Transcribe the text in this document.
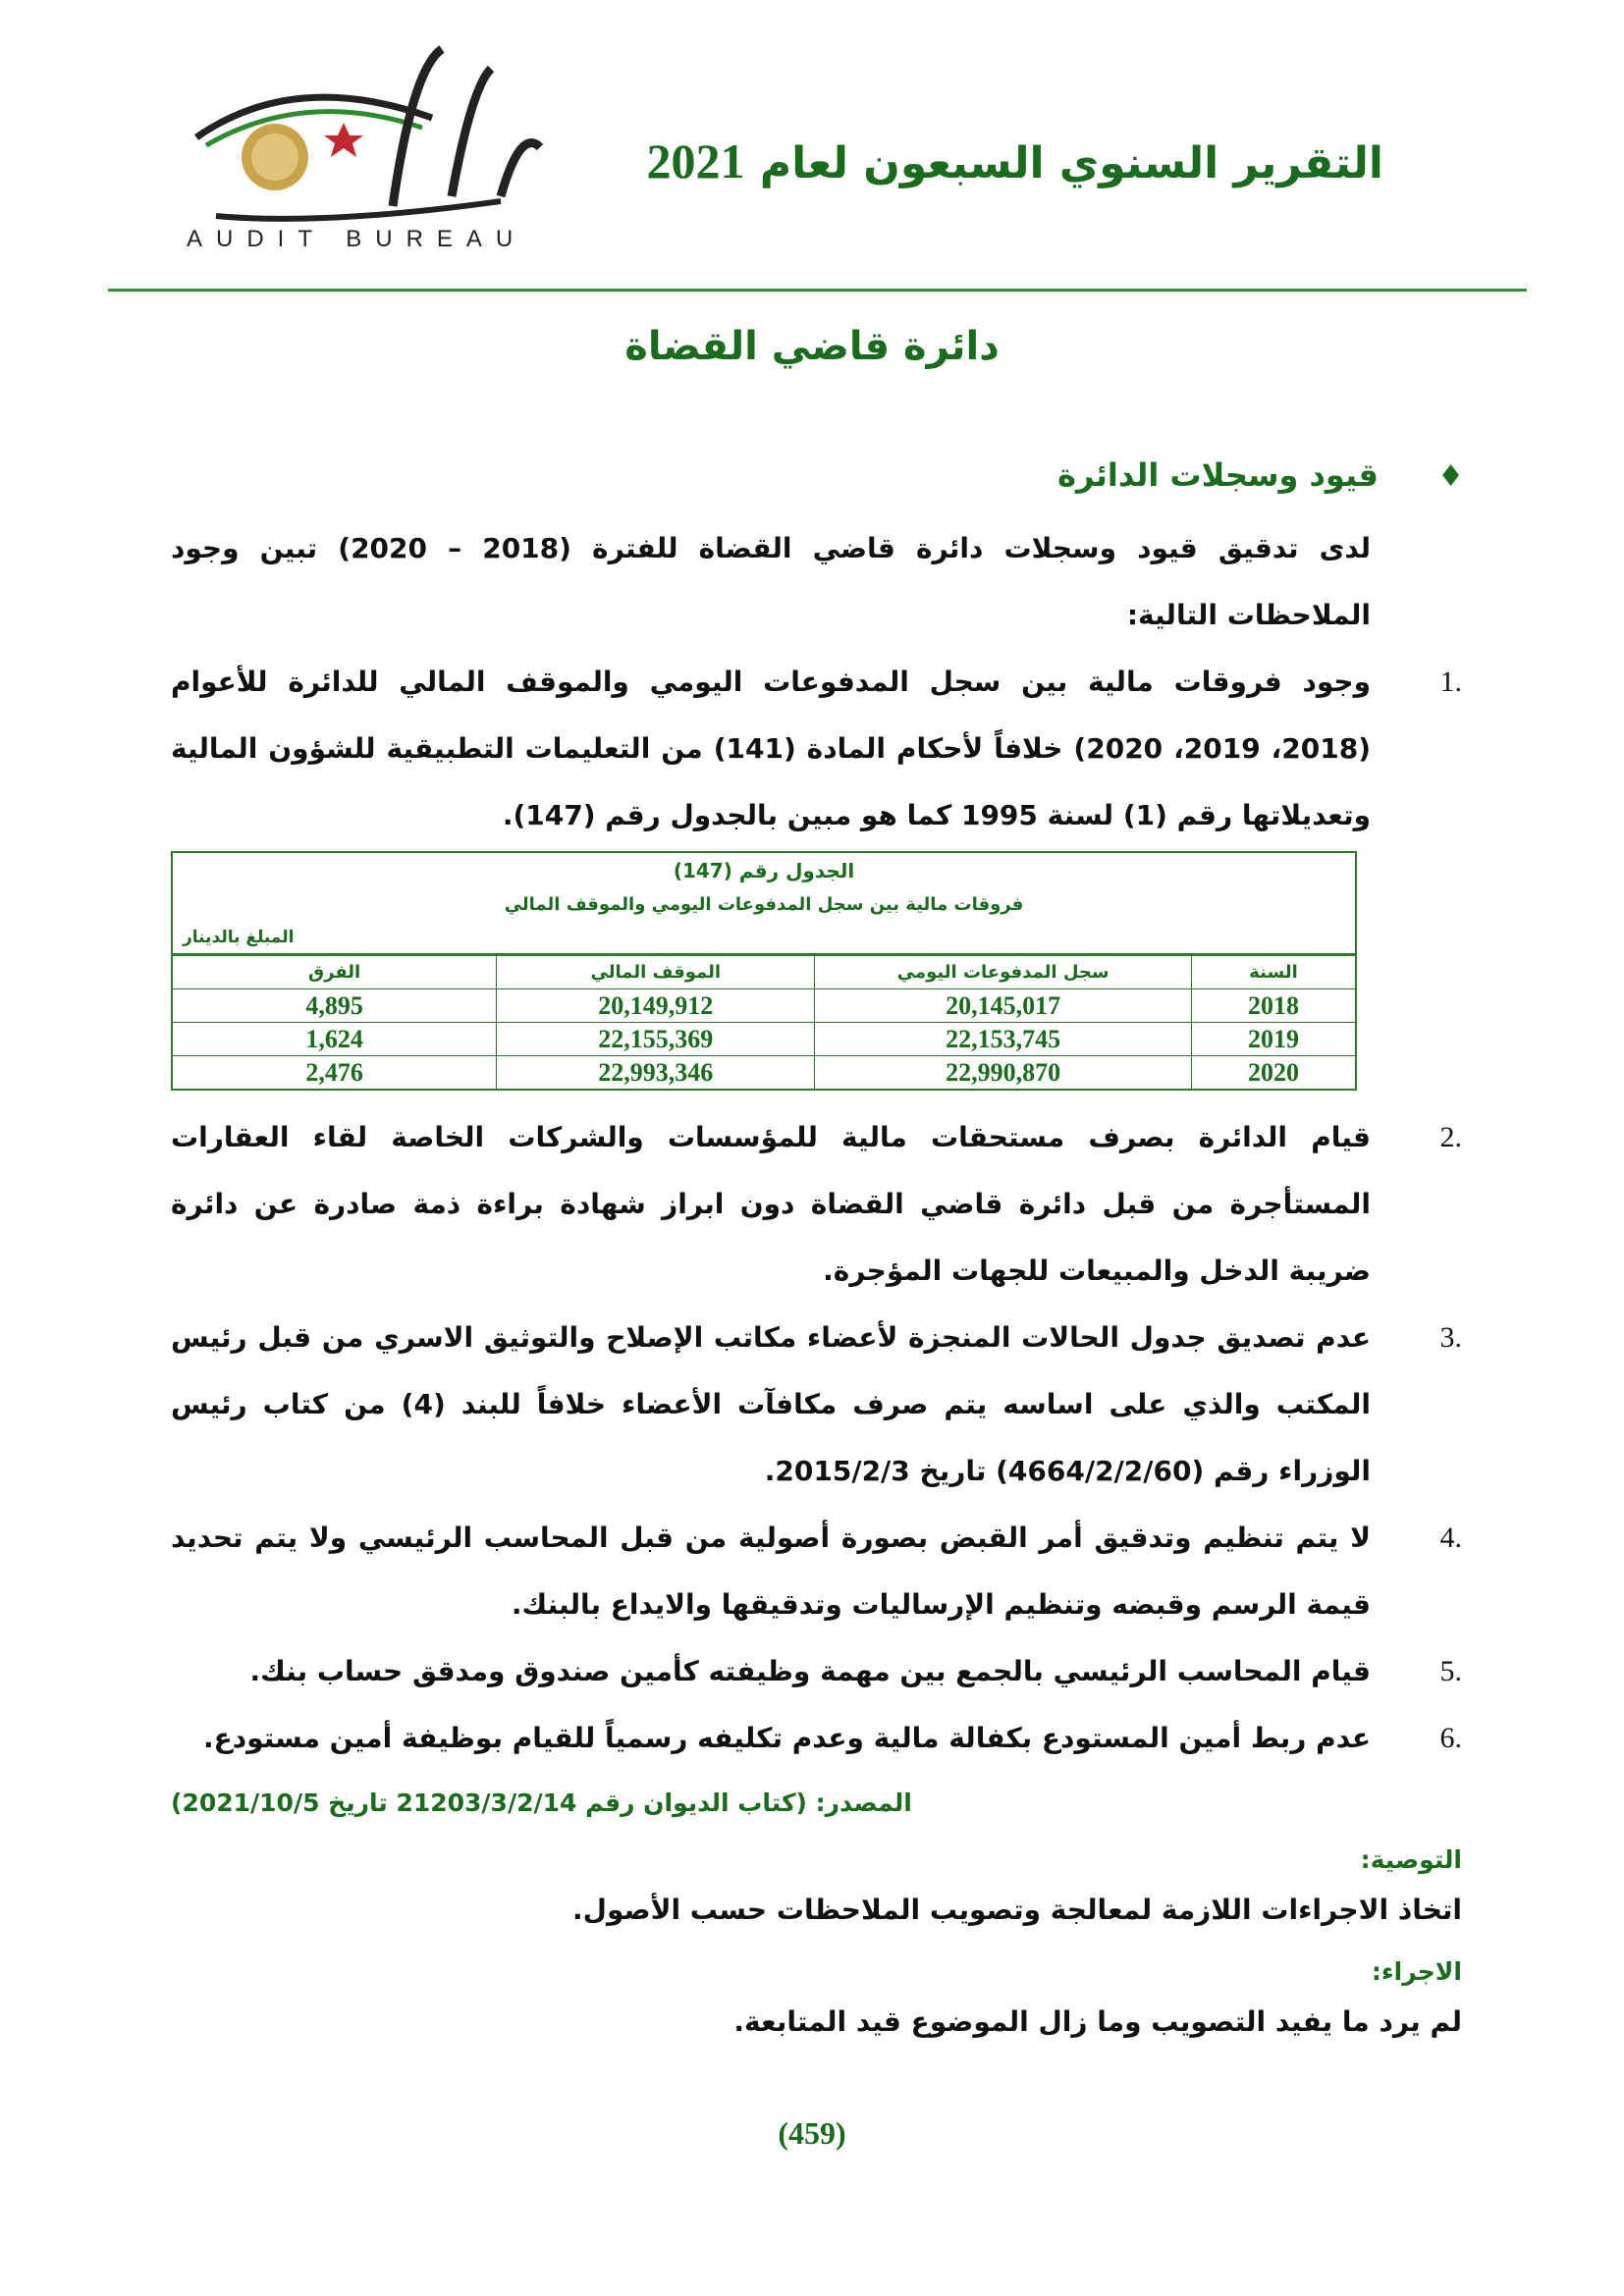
AUDIT BUREAU
التقرير السنوي السبعون لعام 2021
دائرة قاضي القضاة
♦
قيود وسجلات الدائرة
لدى تدقيق قيود وسجلات دائرة قاضي القضاة للفترة (2018 – 2020) تبين وجود الملاحظات التالية:
1.
وجود فروقات مالية بين سجل المدفوعات اليومي والموقف المالي للدائرة للأعوام (2018، 2019، 2020) خلافاً لأحكام المادة (141) من التعليمات التطبيقية للشؤون المالية وتعديلاتها رقم (1) لسنة 1995 كما هو مبين بالجدول رقم (147).
الجدول رقم (147)
فروقات مالية بين سجل المدفوعات اليومي والموقف المالي
المبلغ بالدينار
السنة	سجل المدفوعات اليومي	الموقف المالي	الفرق
2018	20,145,017	20,149,912	4,895
2019	22,153,745	22,155,369	1,624
2020	22,990,870	22,993,346	2,476
2.
قيام الدائرة بصرف مستحقات مالية للمؤسسات والشركات الخاصة لقاء العقارات المستأجرة من قبل دائرة قاضي القضاة دون ابراز شهادة براءة ذمة صادرة عن دائرة ضريبة الدخل والمبيعات للجهات المؤجرة.
3.
عدم تصديق جدول الحالات المنجزة لأعضاء مكاتب الإصلاح والتوثيق الاسري من قبل رئيس المكتب والذي على اساسه يتم صرف مكافآت الأعضاء خلافاً للبند (4) من كتاب رئيس الوزراء رقم (4664/2/2/60) تاريخ 2015/2/3.
4.
لا يتم تنظيم وتدقيق أمر القبض بصورة أصولية من قبل المحاسب الرئيسي ولا يتم تحديد قيمة الرسم وقبضه وتنظيم الإرساليات وتدقيقها والايداع بالبنك.
5.
قيام المحاسب الرئيسي بالجمع بين مهمة وظيفته كأمين صندوق ومدقق حساب بنك.
6.
عدم ربط أمين المستودع بكفالة مالية وعدم تكليفه رسمياً للقيام بوظيفة أمين مستودع.
المصدر: (كتاب الديوان رقم 21203/3/2/14 تاريخ 2021/10/5)
التوصية:
اتخاذ الاجراءات اللازمة لمعالجة وتصويب الملاحظات حسب الأصول.
الاجراء:
لم يرد ما يفيد التصويب وما زال الموضوع قيد المتابعة.
(459)
